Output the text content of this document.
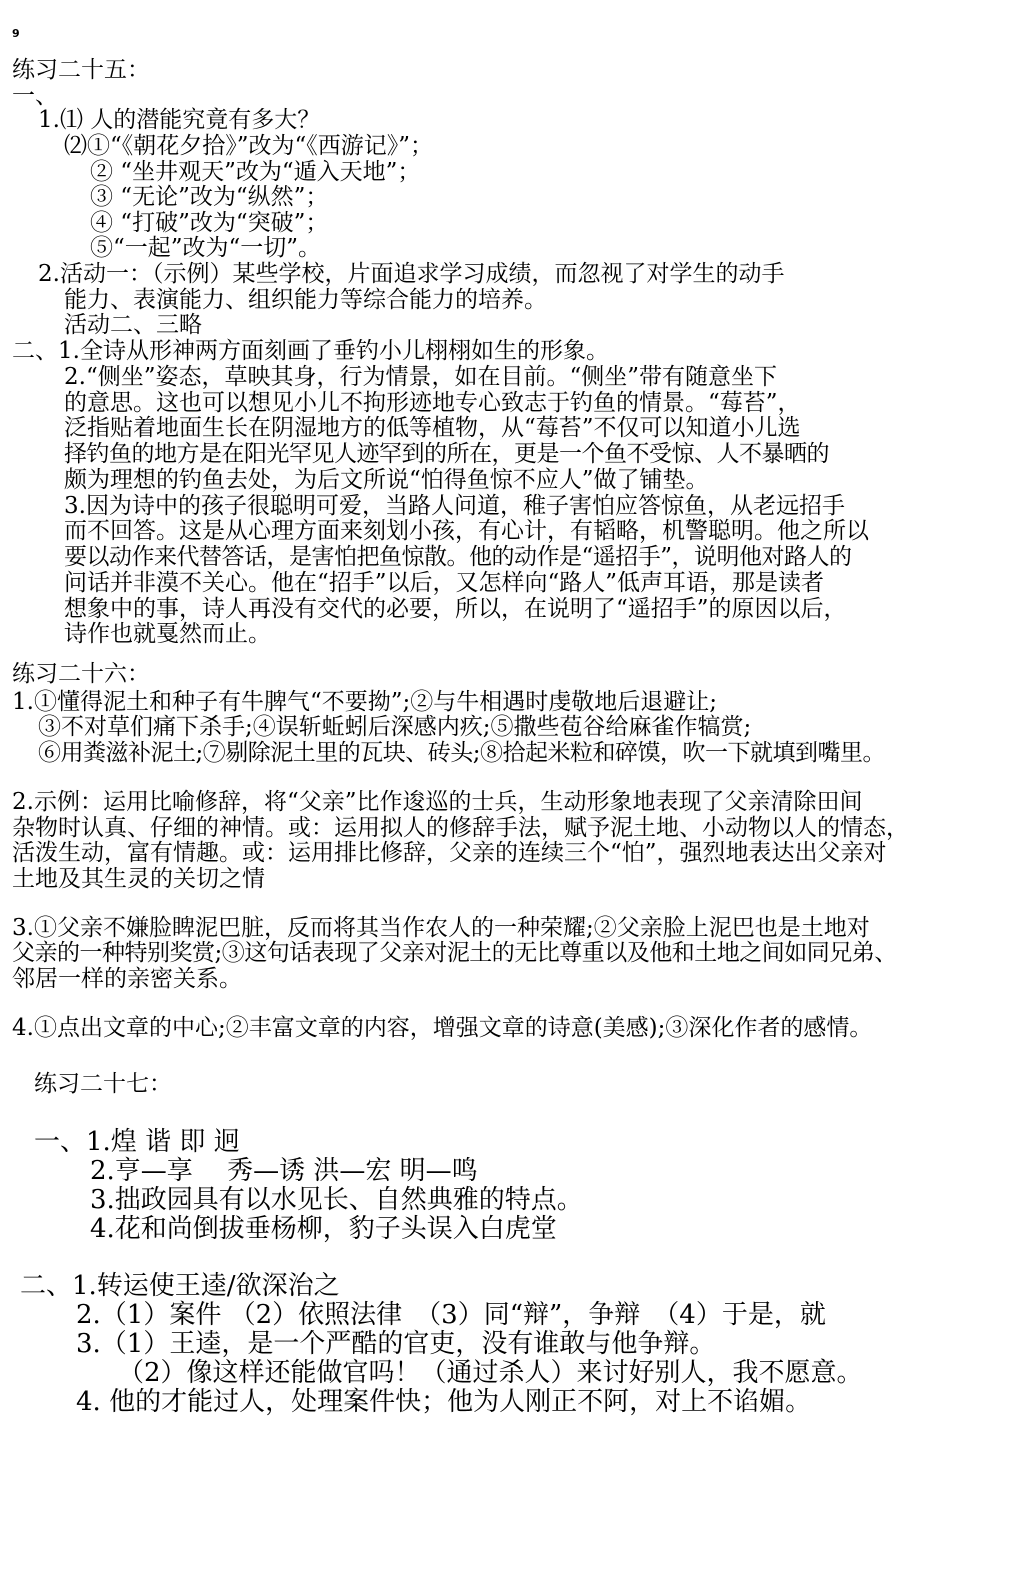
9
练习二十五：
一、
1.⑴ 人的潜能究竟有多大？
⑵①“《朝花夕拾》”改为“《西游记》”；
② “坐井观天”改为“遁入天地”；
③ “无论”改为“纵然”；
④ “打破”改为“突破”；
⑤“一起”改为“一切”。
2.活动一：（示例）某些学校，片面追求学习成绩，而忽视了对学生的动手
能力、表演能力、组织能力等综合能力的培养。
活动二、三略
二、1.全诗从形神两方面刻画了垂钓小儿栩栩如生的形象。
2.“侧坐”姿态，草映其身，行为情景，如在目前。“侧坐”带有随意坐下
的意思。这也可以想见小儿不拘形迹地专心致志于钓鱼的情景。“莓苔”，
泛指贴着地面生长在阴湿地方的低等植物，从“莓苔”不仅可以知道小儿选
择钓鱼的地方是在阳光罕见人迹罕到的所在，更是一个鱼不受惊、人不暴晒的
颇为理想的钓鱼去处，为后文所说“怕得鱼惊不应人”做了铺垫。
3.因为诗中的孩子很聪明可爱，当路人问道，稚子害怕应答惊鱼，从老远招手
而不回答。这是从心理方面来刻划小孩，有心计，有韬略，机警聪明。他之所以
要以动作来代替答话，是害怕把鱼惊散。他的动作是“遥招手”，说明他对路人的
问话并非漠不关心。他在“招手”以后，又怎样向“路人”低声耳语，那是读者
想象中的事，诗人再没有交代的必要，所以，在说明了“遥招手”的原因以后，
诗作也就戛然而止。
练习二十六：
1.①懂得泥土和种子有牛脾气“不要拗”;②与牛相遇时虔敬地后退避让;
③不对草们痛下杀手;④误斩蚯蚓后深感内疚;⑤撒些苞谷给麻雀作犒赏;
⑥用粪滋补泥土;⑦剔除泥土里的瓦块、砖头;⑧拾起米粒和碎馍，吹一下就填到嘴里。
2.示例：运用比喻修辞，将“父亲”比作逡巡的士兵，生动形象地表现了父亲清除田间
杂物时认真、仔细的神情。或：运用拟人的修辞手法，赋予泥土地、小动物以人的情态，
活泼生动，富有情趣。或：运用排比修辞，父亲的连续三个“怕”，强烈地表达出父亲对
土地及其生灵的关切之情
3.①父亲不嫌脸睥泥巴脏，反而将其当作农人的一种荣耀;②父亲脸上泥巴也是土地对
父亲的一种特别奖赏;③这句话表现了父亲对泥土的无比尊重以及他和土地之间如同兄弟、
邻居一样的亲密关系。
4.①点出文章的中心;②丰富文章的内容，增强文章的诗意(美感);③深化作者的感情。
练习二十七：
一、1.煌 谐 即 迥
2.亨—享　 秀—诱 洪—宏 明—鸣
3.拙政园具有以水见长、自然典雅的特点。
4.花和尚倒拔垂杨柳，豹子头误入白虎堂
二、1.转运使王逵/欲深治之
2.（1）案件 （2）依照法律　（3）同“辩”，争辩　（4）于是，就
3.（1）王逵，是一个严酷的官吏，没有谁敢与他争辩。
（2）像这样还能做官吗！（通过杀人）来讨好别人，我不愿意。
4. 他的才能过人，处理案件快；他为人刚正不阿，对上不谄媚。
